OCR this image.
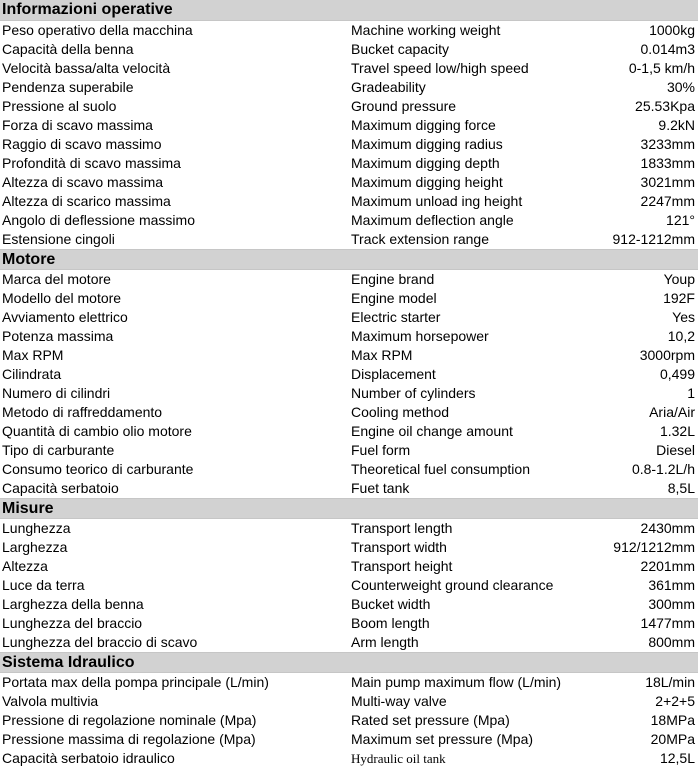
Informazioni operative
Peso operativo della macchina	Machine working weight	1000kg
Capacità della benna	Bucket capacity	0.014m3
Velocità bassa/alta velocità	Travel speed low/high speed	0-1,5 km/h
Pendenza superabile	Gradeability	30%
Pressione al suolo	Ground pressure	25.53Kpa
Forza di scavo massima	Maximum digging force	9.2kN
Raggio di scavo massimo	Maximum digging radius	3233mm
Profondità di scavo massima	Maximum digging depth	1833mm
Altezza di scavo massima	Maximum digging height	3021mm
Altezza di scarico massima	Maximum unload ing height	2247mm
Angolo di deflessione massimo	Maximum deflection angle	121°
Estensione cingoli	Track extension range	912-1212mm
Motore
Marca del motore	Engine brand	Youp
Modello del motore	Engine model	192F
Avviamento elettrico	Electric starter	Yes
Potenza massima	Maximum horsepower	10,2
Max RPM	Max RPM	3000rpm
Cilindrata	Displacement	0,499
Numero di cilindri	Number of cylinders	1
Metodo di raffreddamento	Cooling method	Aria/Air
Quantità di cambio olio motore	Engine oil change amount	1.32L
Tipo di carburante	Fuel form	Diesel
Consumo teorico di carburante	Theoretical fuel consumption	0.8-1.2L/h
Capacità serbatoio	Fuet tank	8,5L
Misure
Lunghezza	Transport length	2430mm
Larghezza	Transport width	912/1212mm
Altezza	Transport height	2201mm
Luce da terra	Counterweight ground clearance	361mm
Larghezza della benna	Bucket width	300mm
Lunghezza del braccio	Boom length	1477mm
Lunghezza del braccio di scavo	Arm length	800mm
Sistema Idraulico
Portata max della pompa principale (L/min)	Main pump maximum flow (L/min)	18L/min
Valvola multivia	Multi-way valve	2+2+5
Pressione di regolazione nominale (Mpa)	Rated set pressure (Mpa)	18MPa
Pressione massima di regolazione (Mpa)	Maximum set pressure (Mpa)	20MPa
Capacità serbatoio idraulico	Hydraulic oil tank	12,5L
